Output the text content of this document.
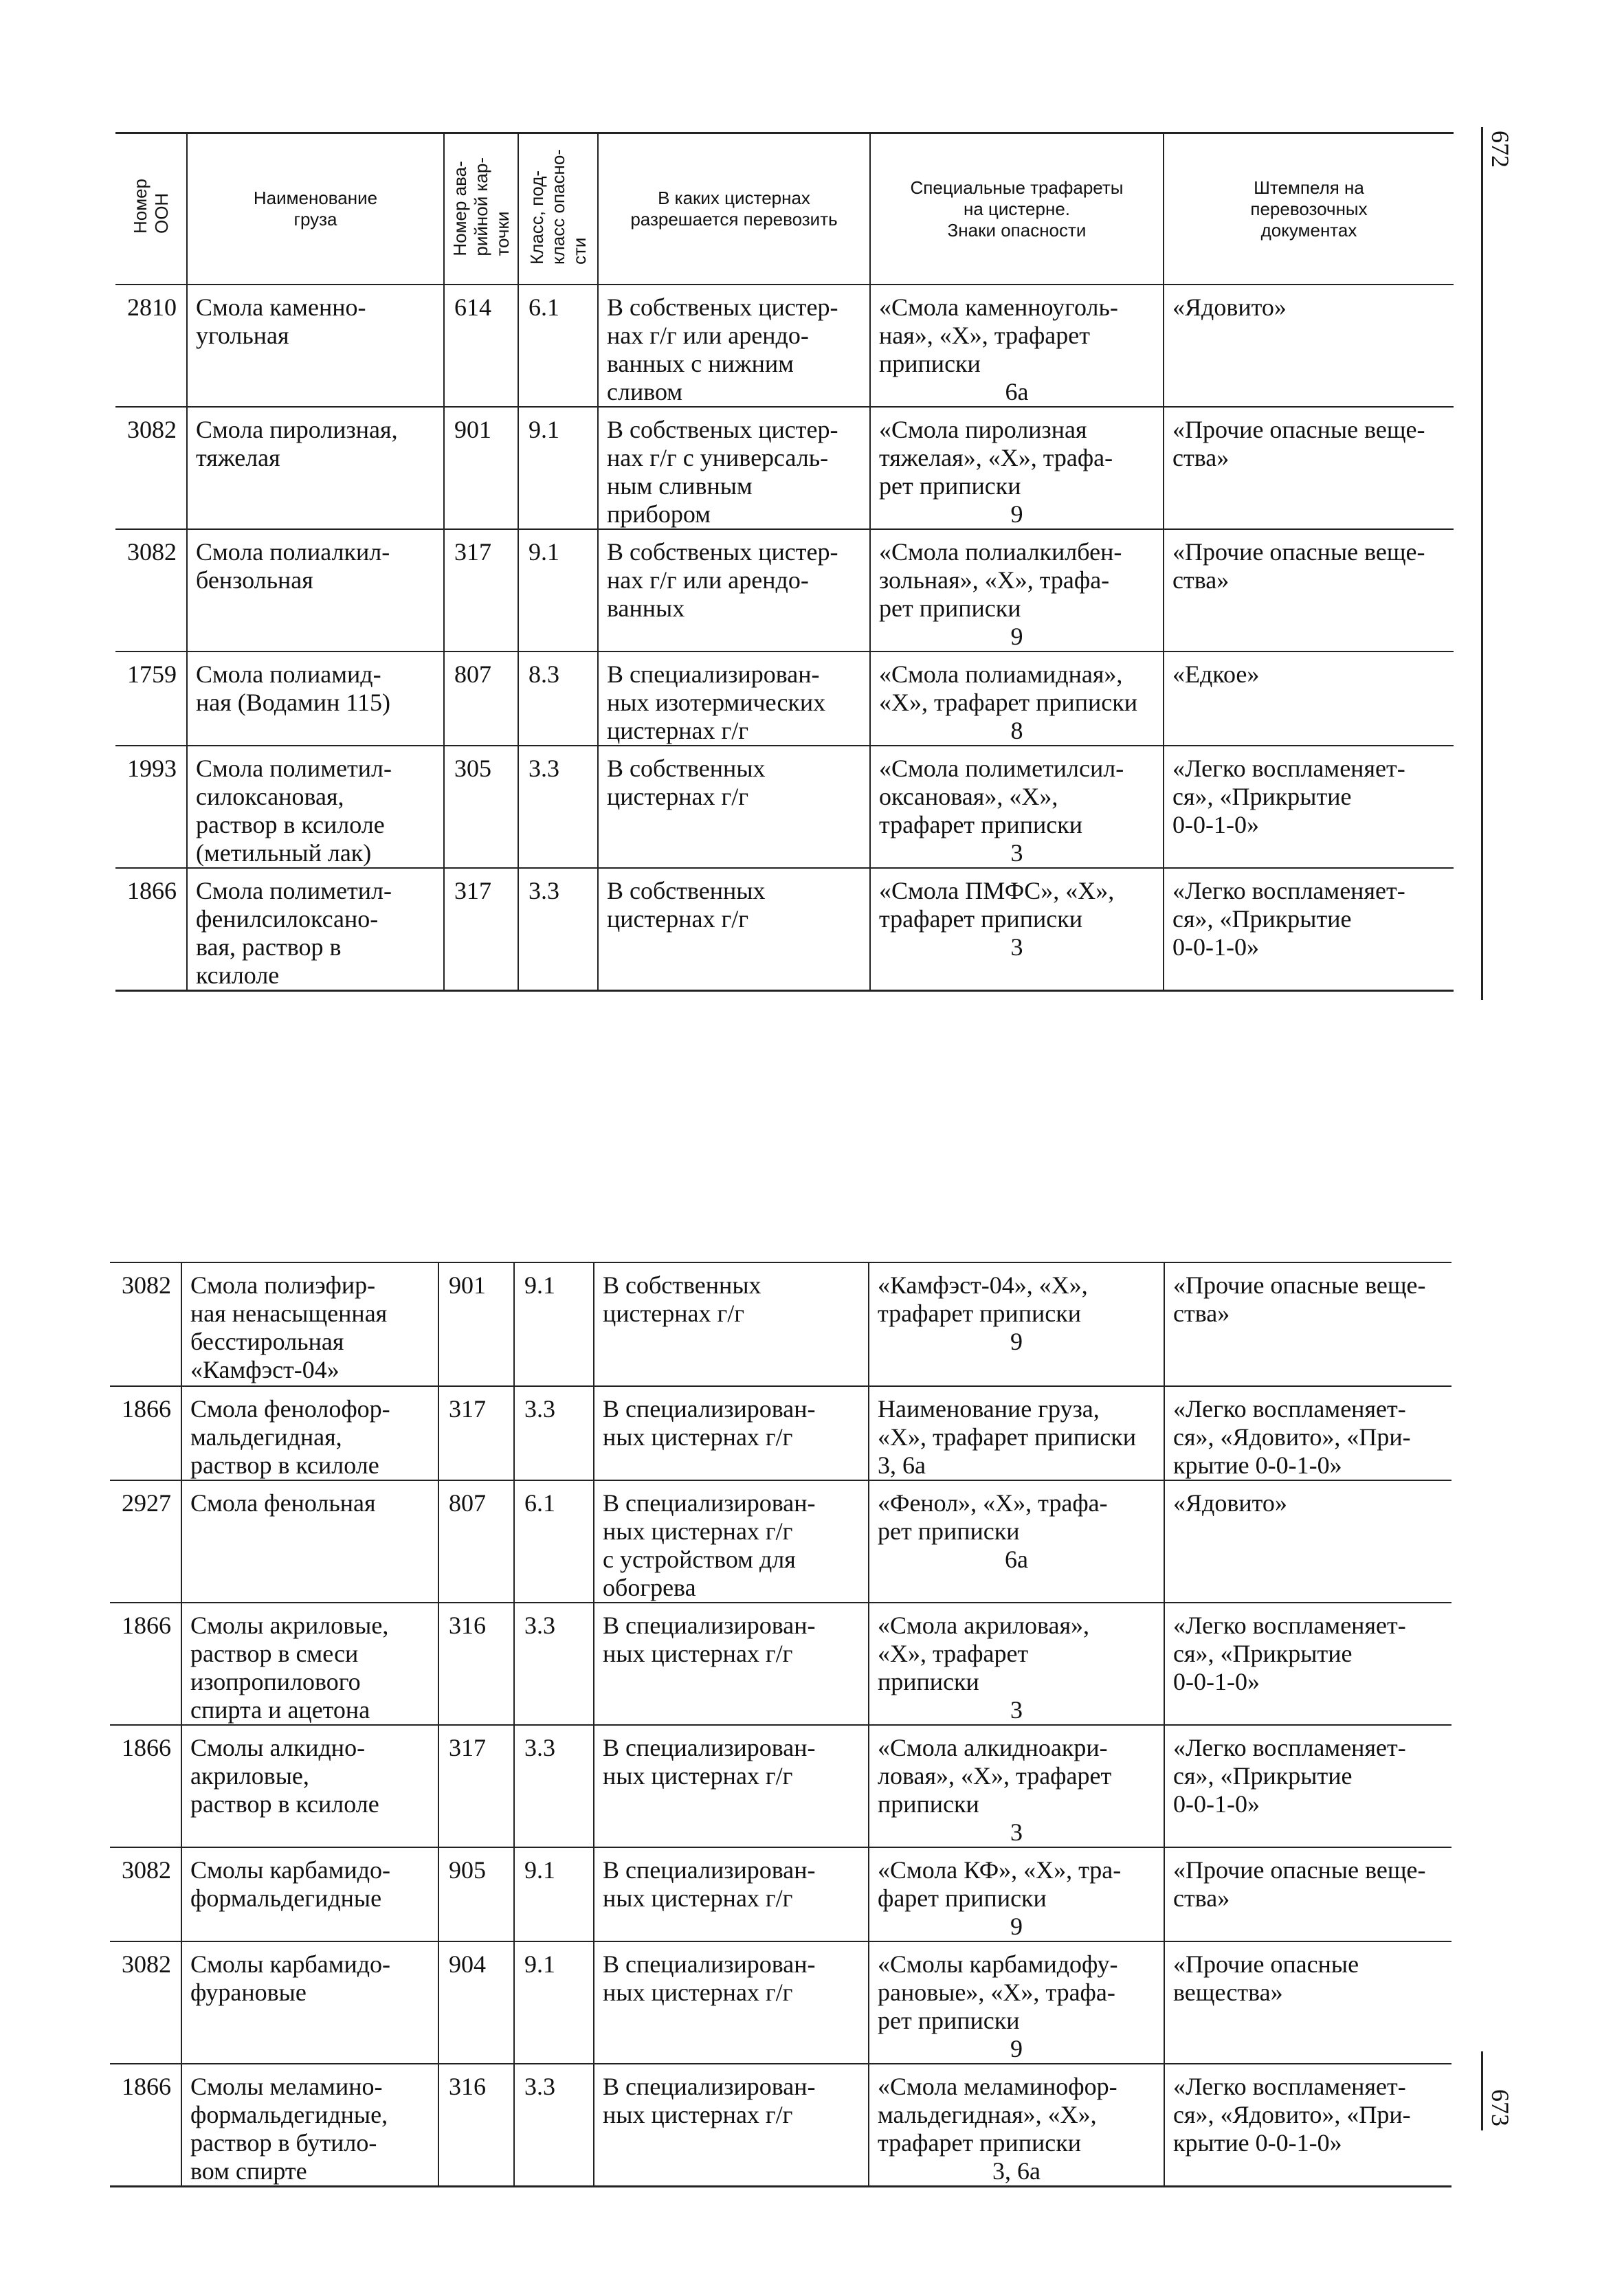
672
673
Номер
ООН	Наименование
груза	Номер ава-
рийной кар-
точки	Класс, под-
класс опасно-
сти	В каких цистернах
разрешается перевозить	Специальные трафареты
на цистерне.
Знаки опасности	Штемпеля на
перевозочных
документах
2810	Смола каменно-
угольная	614	6.1	В собственых цистер-
нах г/г или арендо-
ванных с нижним
сливом	«Смола каменноуголь-
ная», «Х», трафарет
приписки
6а	«Ядовито»
3082	Смола пиролизная,
тяжелая	901	9.1	В собственых цистер-
нах г/г с универсаль-
ным сливным
прибором	«Смола пиролизная
тяжелая», «Х», трафа-
рет приписки
9	«Прочие опасные веще-
ства»
3082	Смола полиалкил-
бензольная	317	9.1	В собственых цистер-
нах г/г или арендо-
ванных	«Смола полиалкилбен-
зольная», «Х», трафа-
рет приписки
9	«Прочие опасные веще-
ства»
1759	Смола полиамид-
ная (Водамин 115)	807	8.3	В специализирован-
ных изотермических
цистернах г/г	«Смола полиамидная»,
«Х», трафарет приписки
8	«Едкое»
1993	Смола полиметил-
силоксановая,
раствор в ксилоле
(метильный лак)	305	3.3	В собственных
цистернах г/г	«Смола полиметилсил-
оксановая», «Х»,
трафарет приписки
3	«Легко воспламеняет-
ся», «Прикрытие
0-0-1-0»
1866	Смола полиметил-
фенилсилоксано-
вая, раствор в
ксилоле	317	3.3	В собственных
цистернах г/г	«Смола ПМФС», «Х»,
трафарет приписки
3	«Легко воспламеняет-
ся», «Прикрытие
0-0-1-0»
3082	Смола полиэфир-
ная ненасыщенная
бесстирольная
«Камфэст-04»	901	9.1	В собственных
цистернах г/г	«Камфэст-04», «Х»,
трафарет приписки
9	«Прочие опасные веще-
ства»
1866	Смола фенолофор-
мальдегидная,
раствор в ксилоле	317	3.3	В специализирован-
ных цистернах г/г	Наименование груза,
«Х», трафарет приписки
3, 6а	«Легко воспламеняет-
ся», «Ядовито», «При-
крытие 0-0-1-0»
2927	Смола фенольная	807	6.1	В специализирован-
ных цистернах г/г
с устройством для
обогрева	«Фенол», «Х», трафа-
рет приписки
6а	«Ядовито»
1866	Смолы акриловые,
раствор в смеси
изопропилового
спирта и ацетона	316	3.3	В специализирован-
ных цистернах г/г	«Смола акриловая»,
«Х», трафарет
приписки
3	«Легко воспламеняет-
ся», «Прикрытие
0-0-1-0»
1866	Смолы алкидно-
акриловые,
раствор в ксилоле	317	3.3	В специализирован-
ных цистернах г/г	«Смола алкидноакри-
ловая», «Х», трафарет
приписки
3	«Легко воспламеняет-
ся», «Прикрытие
0-0-1-0»
3082	Смолы карбамидо-
формальдегидные	905	9.1	В специализирован-
ных цистернах г/г	«Смола КФ», «Х», тра-
фарет приписки
9	«Прочие опасные веще-
ства»
3082	Смолы карбамидо-
фурановые	904	9.1	В специализирован-
ных цистернах г/г	«Смолы карбамидофу-
рановые», «Х», трафа-
рет приписки
9	«Прочие опасные
вещества»
1866	Смолы меламино-
формальдегидные,
раствор в бутило-
вом спирте	316	3.3	В специализирован-
ных цистернах г/г	«Смола меламинофор-
мальдегидная», «Х»,
трафарет приписки
3, 6а	«Легко воспламеняет-
ся», «Ядовито», «При-
крытие 0-0-1-0»
